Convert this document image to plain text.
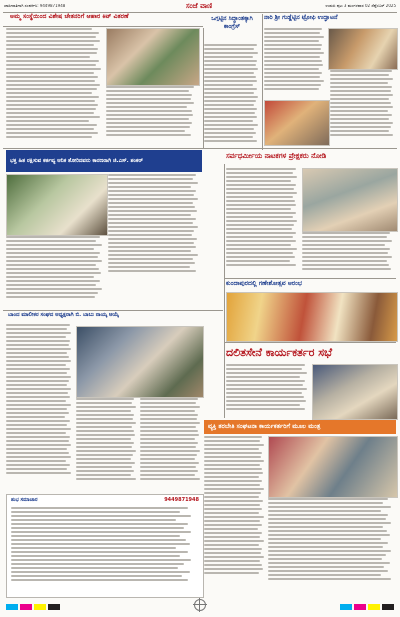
ಜಾಹೀರಾತಿಗಾಗಿ ಸಂಪರ್ಕಿಸಿ: 9449871948	ಸಂಜೆ ವಾಣಿ	ಉಡುಪಿ ಪುಟ 3 ಮಂಗಳವಾರ 02 ಸೆಪ್ಟೆಂಬರ್ 2025
ಅಮ್ಮ ಸಂಸ್ಥೆಯಿಂದ ವಿಶೇಷ ಚೇತನರಿಗೆ ಆಹಾರ ಕಿಟ್ ವಿತರಣೆ	ಒಗ್ಗಟ್ಟಿನ ಸಿದ್ಧಾಂತಕ್ಕಾಗಿ ಕಾಂಗ್ರೆಸ್
ನಾರಿ ಶ್ರೀ ಗುಡ್ಡೆಟ್ಟಿನ ಟ್ರೋಫಿ ಉದ್ಘಾಟನೆ
ಸರ್ವಧರ್ಮೀಯ ನಾಟಕಗಳ ಪ್ರೇಕ್ಷಕರು ನೋಡಿ
ಭಕ್ತ ಹಿತ ರಕ್ಷಿಸುವ ಕರ್ತವ್ಯ ಆನಿಕ ತೋರಿದವರು ಕಾರಣರಾಗಿ ಜಿ.ಎಸ್. ಶಂಕರ್
ಕುಂದಾಪುರದಲ್ಲಿ ಗಣೇಶೋತ್ಸವ ಆರಂಭ
ಬಾಂದ ಮಾಲೀಕರ ಸಂಘದ ಅಧ್ಯಕ್ಷರಾಗಿ ಬಿ. ಬಾಬು ನಾಯ್ಕ ಆಯ್ಕೆ
ದಲಿತಸೇನೆ ಕಾರ್ಯಕರ್ತರ ಸಭೆ
ವ್ಯಕ್ತಿ ತರಬೇತಿ ಸಂಘಟನಾ ಕಾರ್ಯಕರ್ತರಿಗೆ ಮೂಲ ಮಂತ್ರ
ಶುಭ ಸಮಾಚಾರ	9449871948
